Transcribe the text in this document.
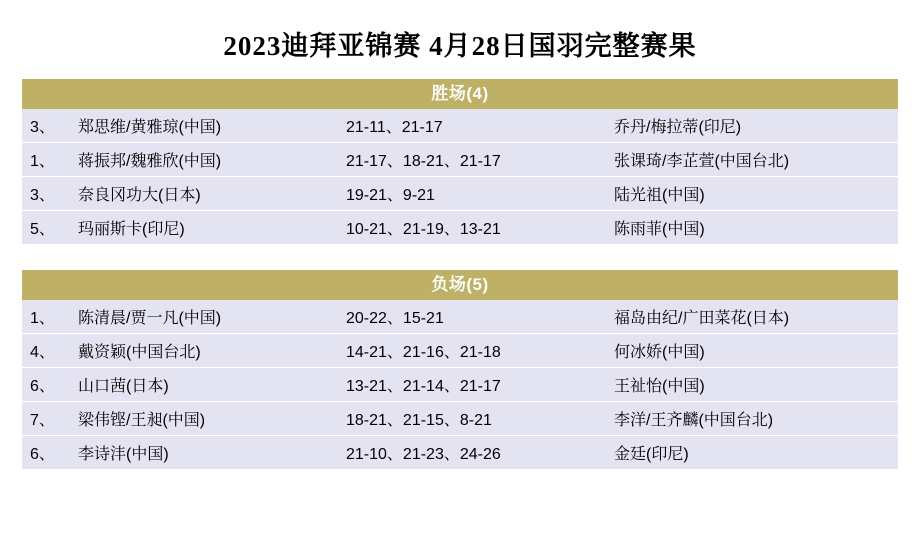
2023迪拜亚锦赛 4月28日国羽完整赛果
胜场(4)
3、	郑思维/黄雅琼(中国)	21-11、21-17	乔丹/梅拉蒂(印尼)
1、	蒋振邦/魏雅欣(中国)	21-17、18-21、21-17	张课琦/李芷萱(中国台北)
3、	奈良冈功大(日本)	19-21、9-21	陆光祖(中国)
5、	玛丽斯卡(印尼)	10-21、21-19、13-21	陈雨菲(中国)
负场(5)
1、	陈清晨/贾一凡(中国)	20-22、15-21	福岛由纪/广田菜花(日本)
4、	戴资颖(中国台北)	14-21、21-16、21-18	何冰娇(中国)
6、	山口茜(日本)	13-21、21-14、21-17	王祉怡(中国)
7、	梁伟铿/王昶(中国)	18-21、21-15、8-21	李洋/王齐麟(中国台北)
6、	李诗沣(中国)	21-10、21-23、24-26	金廷(印尼)
